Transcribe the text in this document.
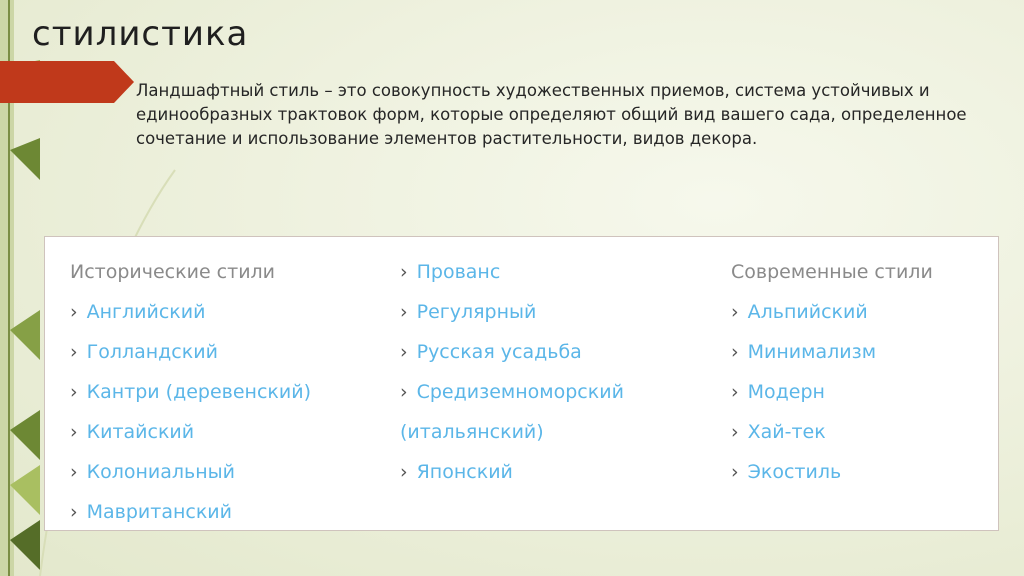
стилистика
Ландшафтный стиль – это совокупность художественных приемов, система устойчивых и единообразных трактовок форм, которые определяют общий вид вашего сада, определенное сочетание и использование элементов растительности, видов декора.
Исторические стили
› Английский
› Голландский
› Кантри (деревенский)
› Китайский
› Колониальный
› Мавританский
› Прованс
› Регулярный
› Русская усадьба
› Средиземноморский
(итальянский)
› Японский
Современные стили
› Альпийский
› Минимализм
› Модерн
› Хай-тек
› Экостиль
